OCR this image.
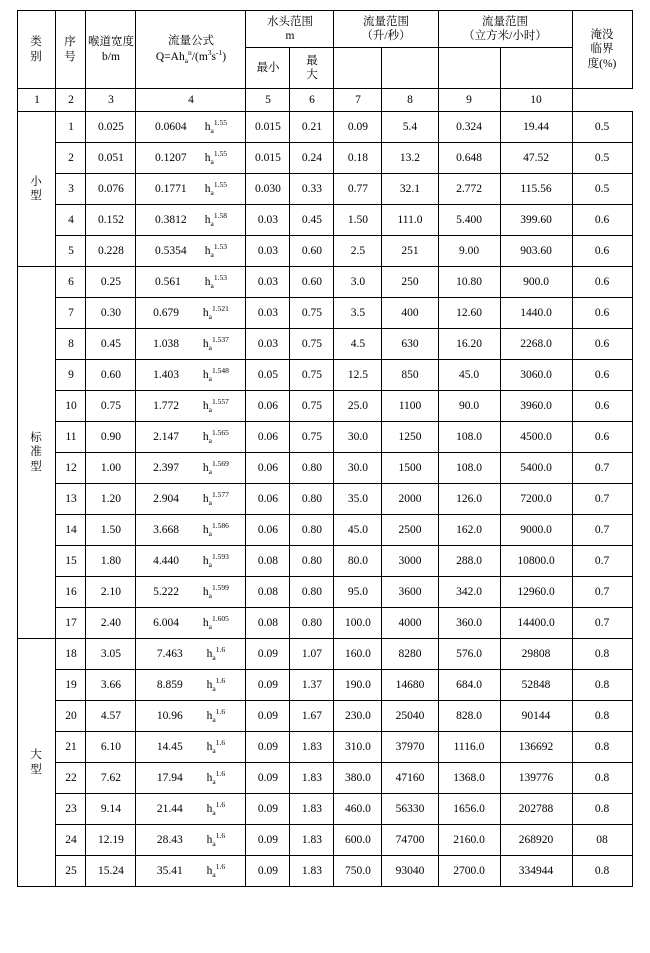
类
别

序
号

喉道宽度
b/m

流量公式
$Q=Ah_a^n/(m^3s^{-1})$

水头范围
m

流量范围
（升/秒）

流量范围
（立方米/小时）	淹没
临界
度(%)

				最小	最
大					

1	2	3	4	5	6	7	8	9	10	

小
型	1	0.025	0.0604  $h_a^{1.55}$	0.015	0.21	0.09	5.4	0.324	19.44	0.5
	2	0.051	0.1207  $h_a^{1.55}$	0.015	0.24	0.18	13.2	0.648	47.52	0.5
	3	0.076	0.1771  $h_a^{1.55}$	0.030	0.33	0.77	32.1	2.772	115.56	0.5
	4	0.152	0.3812  $h_a^{1.58}$	0.03	0.45	1.50	111.0	5.400	399.60	0.6
	5	0.228	0.5354  $h_a^{1.53}$	0.03	0.60	2.5	251	9.00	903.60	0.6

标
准
型	6	0.25	0.561  $h_a^{1.53}$	0.03	0.60	3.0	250	10.80	900.0	0.6
	7	0.30	0.679  $h_a^{1.521}$	0.03	0.75	3.5	400	12.60	1440.0	0.6
	8	0.45	1.038  $h_a^{1.537}$	0.03	0.75	4.5	630	16.20	2268.0	0.6
	9	0.60	1.403  $h_a^{1.548}$	0.05	0.75	12.5	850	45.0	3060.0	0.6
	10	0.75	1.772  $h_a^{1.557}$	0.06	0.75	25.0	1100	90.0	3960.0	0.6
	11	0.90	2.147  $h_a^{1.565}$	0.06	0.75	30.0	1250	108.0	4500.0	0.6
	12	1.00	2.397  $h_a^{1.569}$	0.06	0.80	30.0	1500	108.0	5400.0	0.7
	13	1.20	2.904  $h_a^{1.577}$	0.06	0.80	35.0	2000	126.0	7200.0	0.7
	14	1.50	3.668  $h_a^{1.586}$	0.06	0.80	45.0	2500	162.0	9000.0	0.7
	15	1.80	4.440  $h_a^{1.593}$	0.08	0.80	80.0	3000	288.0	10800.0	0.7
	16	2.10	5.222  $h_a^{1.599}$	0.08	0.80	95.0	3600	342.0	12960.0	0.7
	17	2.40	6.004  $h_a^{1.605}$	0.08	0.80	100.0	4000	360.0	14400.0	0.7

大
型	18	3.05	7.463  $h_a^{1.6}$	0.09	1.07	160.0	8280	576.0	29808	0.8
	19	3.66	8.859  $h_a^{1.6}$	0.09	1.37	190.0	14680	684.0	52848	0.8
	20	4.57	10.96  $h_a^{1.6}$	0.09	1.67	230.0	25040	828.0	90144	0.8
	21	6.10	14.45  $h_a^{1.6}$	0.09	1.83	310.0	37970	1116.0	136692	0.8
	22	7.62	17.94  $h_a^{1.6}$	0.09	1.83	380.0	47160	1368.0	139776	0.8
	23	9.14	21.44  $h_a^{1.6}$	0.09	1.83	460.0	56330	1656.0	202788	0.8
	24	12.19	28.43  $h_a^{1.6}$	0.09	1.83	600.0	74700	2160.0	268920	08
	25	15.24	35.41  $h_a^{1.6}$	0.09	1.83	750.0	93040	2700.0	334944	0.8
